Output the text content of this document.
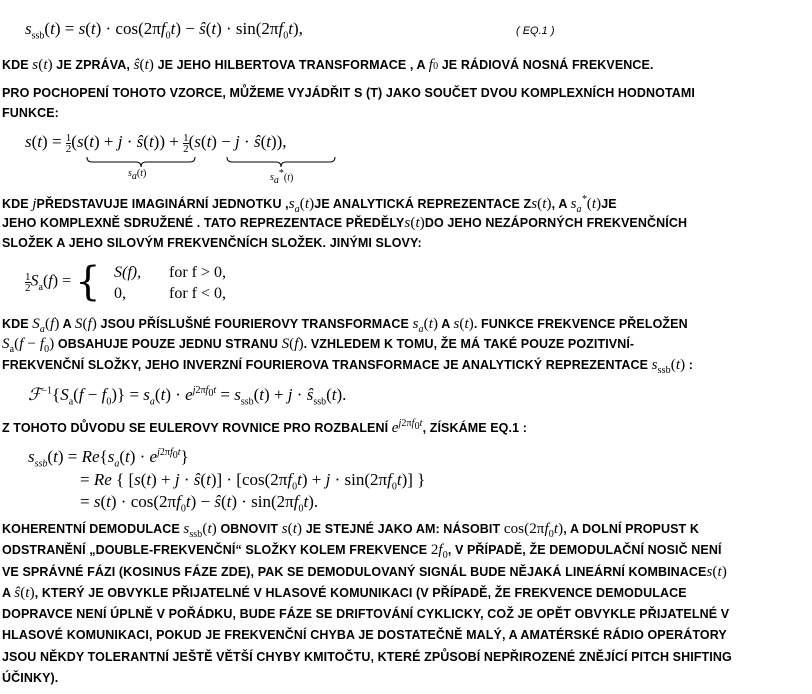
$s_{ssb}(t) = s(t) \cdot \cos(2\pi f_0t)$ − ŝ(t) · $\sin(2\pi f_0t)$,	( EQ.1 )
KDE s(t) JE ZPRÁVA, ŝ(t) JE JEHO HILBERTOVA TRANSFORMACE , A f0 JE RÁDIOVÁ NOSNÁ FREKVENCE.
PRO POCHOPENÍ TOHOTO VZORCE, MŮŽEME VYJÁDŘIT S (T) JAKO SOUČET DVOU KOMPLEXNÍCH HODNOTAMI
FUNKCE:
$s(t) = \frac{1}{2} (s(t) + j$ · ŝ(t)) + $\frac{1}{2} (s(t) - j$ · ŝ(t)),
$s_a(t)$	$s_a^*(t)$
KDE jPŘEDSTAVUJE IMAGINÁRNÍ JEDNOTKU $,s_a(t)JE$ ANALYTICKÁ REPREZENTACE Zs(t), A $s_a^*(t)JE$
JEHO KOMPLEXNĚ SDRUŽENÉ . TATO REPREZENTACE PŘEDĚLYs(t)DO JEHO NEZÁPORNÝCH FREKVENČNÍCH
SLOŽEK A JEHO SILOVÝM FREKVENČNÍCH SLOŽEK. JINÝMI SLOVY:
$\frac{1}{2} S_a(f)$ = { S(f), for f > 0,
0,	for f < 0,
KDE $S_a(f)$ A S(f) JSOU PŘÍSLUŠNÉ FOURIEROVY TRANSFORMACE $s_a(t)$ A s(t). FUNKCE FREKVENCE PŘELOŽEN
$S_a(f - f_0)$ OBSAHUJE POUZE JEDNU STRANU S(f). VZHLEDEM K TOMU, ŽE MÁ TAKÉ POUZE POZITIVNÍ-
FREKVENČNÍ SLOŽKY, JEHO INVERZNÍ FOURIEROVA TRANSFORMACE JE ANALYTICKÝ REPREZENTACE $s_{ssb}(t)$ :
$ℱ^{-1}\{S_a(f - f_0)\} = s_a(t) \cdot e^{j2\pi f_0t} = s_{ssb}(t) + j$ · $ŝ_{ssb}(t)$.
Z TOHOTO DŮVODU SE EULEROVY ROVNICE PRO ROZBALENÍ $e^{j2\pi f_0t}$, ZÍSKÁME EQ.1 :
$s_{ssb}(t) = Re\{s_a(t) \cdot e^{j2\pi f_0t}\}$
= Re { [s(t) + j · ŝ(t)] · $[\cos(2\pi f_0t) + j \cdot \sin(2\pi f_0t)]$ }
= $s(t) \cdot \cos(2\pi f_0t)$ − ŝ(t) · $\sin(2\pi f_0t)$.
KOHERENTNÍ DEMODULACE $s_{ssb}(t)$ OBNOVIT s(t) JE STEJNÉ JAKO AM: NÁSOBIT $\cos(2\pi f_0t)$, A DOLNÍ PROPUST K
ODSTRANĚNÍ „DOUBLE-FREKVENČNÍ“ SLOŽKY KOLEM FREKVENCE $2f_0$, V PŘÍPADĚ, ŽE DEMODULAČNÍ NOSIČ NENÍ
VE SPRÁVNÉ FÁZI (KOSINUS FÁZE ZDE), PAK SE DEMODULOVANÝ SIGNÁL BUDE NĚJAKÁ LINEÁRNÍ KOMBINACEs(t)
A ŝ(t), KTERÝ JE OBVYKLE PŘIJATELNÉ V HLASOVÉ KOMUNIKACI (V PŘÍPADĚ, ŽE FREKVENCE DEMODULACE
DOPRAVCE NENÍ ÚPLNĚ V POŘÁDKU, BUDE FÁZE SE DRIFTOVÁNÍ CYKLICKY, COŽ JE OPĚT OBVYKLE PŘIJATELNÉ V
HLASOVÉ KOMUNIKACI, POKUD JE FREKVENČNÍ CHYBA JE DOSTATEČNĚ MALÝ, A AMATÉRSKÉ RÁDIO OPERÁTORY
JSOU NĚKDY TOLERANTNÍ JEŠTĚ VĚTŠÍ CHYBY KMITOČTU, KTERÉ ZPŮSOBÍ NEPŘIROZENÉ ZNĚJÍCÍ PITCH SHIFTING
ÚČINKY).
